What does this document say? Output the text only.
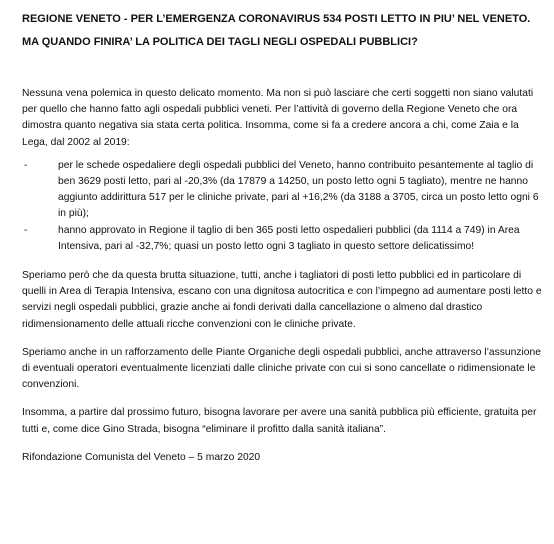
REGIONE VENETO - PER L’EMERGENZA CORONAVIRUS 534 POSTI LETTO IN PIU’ NEL VENETO.
MA QUANDO FINIRA’ LA POLITICA DEI TAGLI NEGLI OSPEDALI PUBBLICI?

Nessuna vena polemica in questo delicato momento. Ma non si può lasciare che certi soggetti non siano valutati per quello che hanno fatto agli ospedali pubblici veneti. Per l’attività di governo della Regione Veneto che ora dimostra quanto negativa sia stata certa politica. Insomma, come si fa a credere ancora a chi, come Zaia e la Lega, dal 2002 al 2019:

-	per le schede ospedaliere degli ospedali pubblici del Veneto, hanno contribuito pesantemente al taglio di ben 3629 posti letto, pari al -20,3% (da 17879 a 14250, un posto letto ogni 5 tagliato), mentre ne hanno aggiunto addirittura 517 per le cliniche private, pari al +16,2% (da 3188 a 3705, circa un posto letto ogni 6 in più);
-	hanno approvato in Regione il taglio di ben 365 posti letto ospedalieri pubblici (da 1114 a 749) in Area Intensiva, pari al -32,7%; quasi un posto letto ogni 3 tagliato in questo settore delicatissimo!

Speriamo però che da questa brutta situazione, tutti, anche i tagliatori di posti letto pubblici ed in particolare di quelli in Area di Terapia Intensiva, escano con una dignitosa autocritica e con l’impegno ad aumentare posti letto e servizi negli ospedali pubblici, grazie anche ai fondi derivati dalla cancellazione o almeno dal drastico ridimensionamento delle attuali ricche convenzioni con le cliniche private.

Speriamo anche in un rafforzamento delle Piante Organiche degli ospedali pubblici, anche attraverso l’assunzione di eventuali operatori eventualmente licenziati dalle cliniche private con cui si sono cancellate o ridimensionate le convenzioni.

Insomma, a partire dal prossimo futuro, bisogna lavorare per avere una sanità pubblica più efficiente, gratuita per tutti e, come dice Gino Strada, bisogna “eliminare il profitto dalla sanità italiana”.

Rifondazione Comunista del Veneto – 5 marzo 2020
